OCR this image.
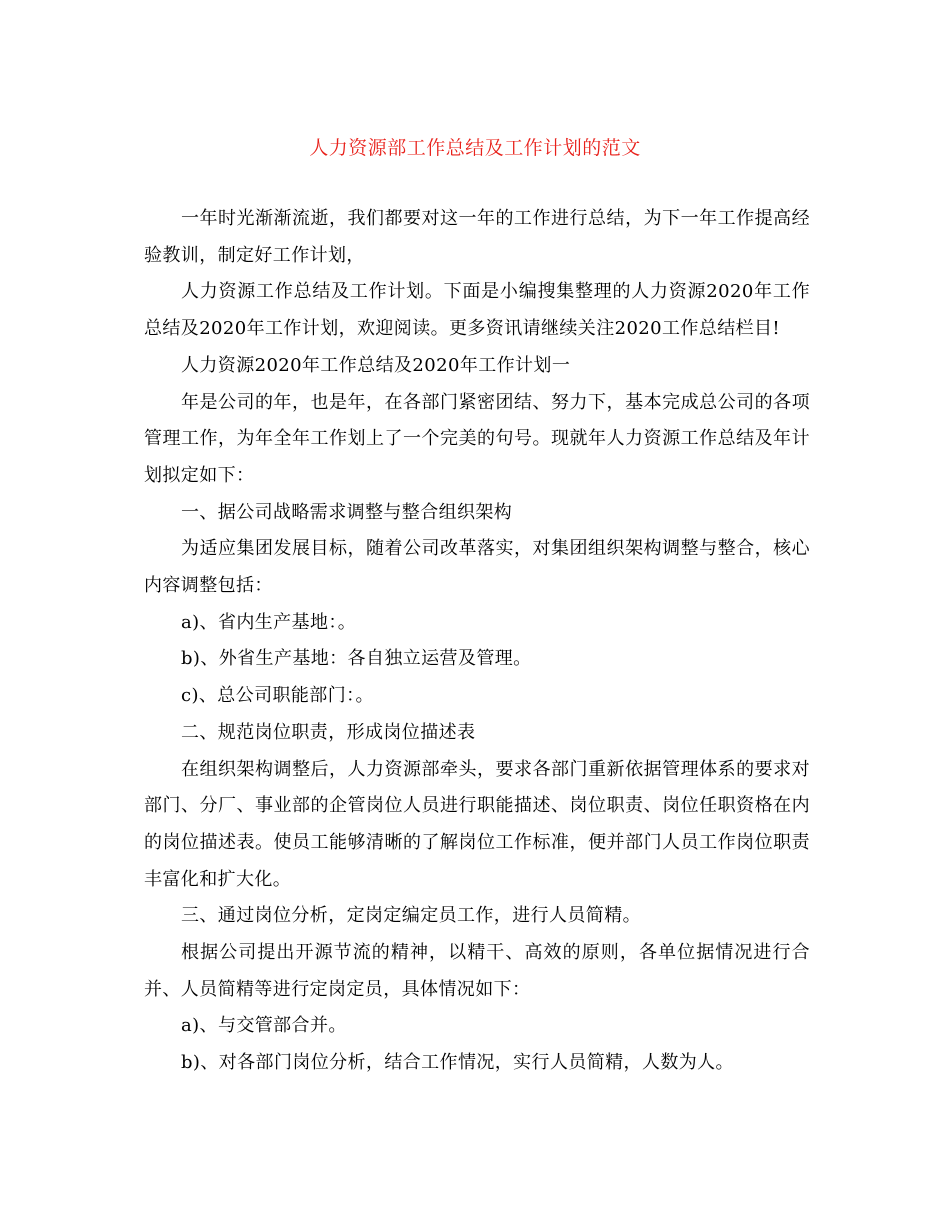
人力资源部工作总结及工作计划的范文

一年时光渐渐流逝，我们都要对这一年的工作进行总结，为下一年工作提高经验教训，制定好工作计划，

人力资源工作总结及工作计划。下面是小编搜集整理的人力资源2020年工作总结及2020年工作计划，欢迎阅读。更多资讯请继续关注2020工作总结栏目!

人力资源2020年工作总结及2020年工作计划一

年是公司的年，也是年，在各部门紧密团结、努力下，基本完成总公司的各项管理工作，为年全年工作划上了一个完美的句号。现就年人力资源工作总结及年计划拟定如下：

一、据公司战略需求调整与整合组织架构

为适应集团发展目标，随着公司改革落实，对集团组织架构调整与整合，核心内容调整包括：

a)、省内生产基地：。

b)、外省生产基地：各自独立运营及管理。

c)、总公司职能部门：。

二、规范岗位职责，形成岗位描述表

在组织架构调整后，人力资源部牵头，要求各部门重新依据管理体系的要求对部门、分厂、事业部的企管岗位人员进行职能描述、岗位职责、岗位任职资格在内的岗位描述表。使员工能够清晰的了解岗位工作标准，便并部门人员工作岗位职责丰富化和扩大化。

三、通过岗位分析，定岗定编定员工作，进行人员简精。

根据公司提出开源节流的精神，以精干、高效的原则，各单位据情况进行合并、人员简精等进行定岗定员，具体情况如下：

a)、与交管部合并。

b)、对各部门岗位分析，结合工作情况，实行人员简精，人数为人。
